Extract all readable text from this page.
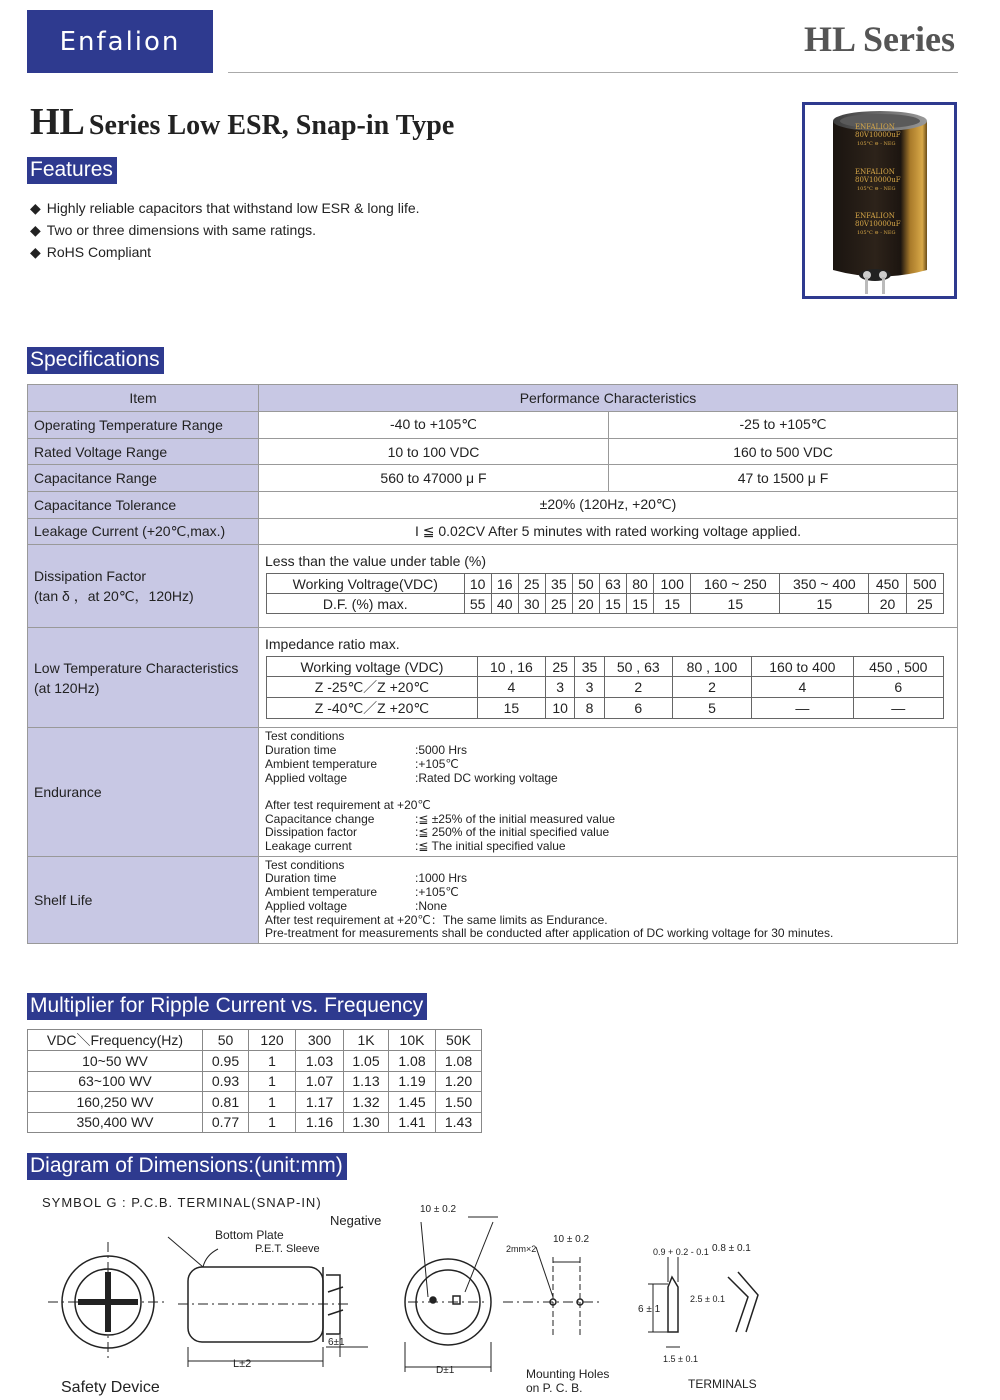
Enfalion	HL Series
HL Series Low ESR, Snap-in Type
Features
◆ Highly reliable capacitors that withstand low ESR & long life.
◆ Two or three dimensions with same ratings.
◆ RoHS Compliant
ENFALION
80V10000uF
105°C ⊖ - NEG
ENFALION
80V10000uF
105°C ⊖ - NEG
ENFALION
80V10000uF
105°C ⊖ - NEG
Specifications
Item	Performance Characteristics
Operating Temperature Range	-40 to +105℃	-25 to +105℃
Rated Voltage Range	10 to 100 VDC	160 to 500 VDC
Capacitance Range	560 to 47000 μ F	47 to 1500 μ F
Capacitance Tolerance	±20% (120Hz, +20℃)
Leakage Current (+20℃,max.)	I ≦ 0.02CV After 5 minutes with rated working voltage applied.

Dissipation Factor
(tan δ ，at 20℃，120Hz)

Less than the value under table (%)
Working Voltrage(VDC)	10	16	25	35	50	63	80	100	160 ~ 250	350 ~ 400	450	500
D.F. (%) max.	55	40	30	25	20	15	15	15	15	15	20	25

Low Temperature Characteristics
(at 120Hz)

Impedance ratio max.
Working voltage (VDC)	10 , 16	25	35	50 , 63	80 , 100	160 to 400	450 , 500
Z -25℃／Z +20℃	4	3	3	2	2	4	6
Z -40℃／Z +20℃	15	10	8	6	5	—	—

Endurance	
Test conditions
Duration time	:5000 Hrs
Ambient temperature	:+105℃
Applied voltage	:Rated DC working voltage
After test requirement at +20℃
Capacitance change	:≦ ±25% of the initial measured value
Dissipation factor	:≦ 250% of the initial specified value
Leakage current	:≦ The initial specified value

Shelf Life	
Test conditions
Duration time	:1000 Hrs
Ambient temperature	:+105℃
Applied voltage	:None
After test requirement at +20℃：The same limits as Endurance.
Pre-treatment for measurements shall be conducted after application of DC working voltage for 30 minutes.
Multiplier for Ripple Current vs. Frequency
VDC＼Frequency(Hz)	50	120	300	1K	10K	50K
10~50 WV	0.95	1	1.03	1.05	1.08	1.08
63~100 WV	0.93	1	1.07	1.13	1.19	1.20
160,250 WV	0.81	1	1.17	1.32	1.45	1.50
350,400 WV	0.77	1	1.16	1.30	1.41	1.43
Diagram of Dimensions:(unit:mm)
SYMBOL G : P.C.B. TERMINAL(SNAP-IN)
Safety Device
Bottom Plate
P.E.T. Sleeve
L±2
6±1
Negative
10 ± 0.2
D±1
2mm×2
10 ± 0.2
Mounting Holes
on P. C. B.
0.9 + 0.2 - 0.1 0.8 ± 0.1
2.5 ± 0.1
6 ± 1
1.5 ± 0.1
TERMINALS
